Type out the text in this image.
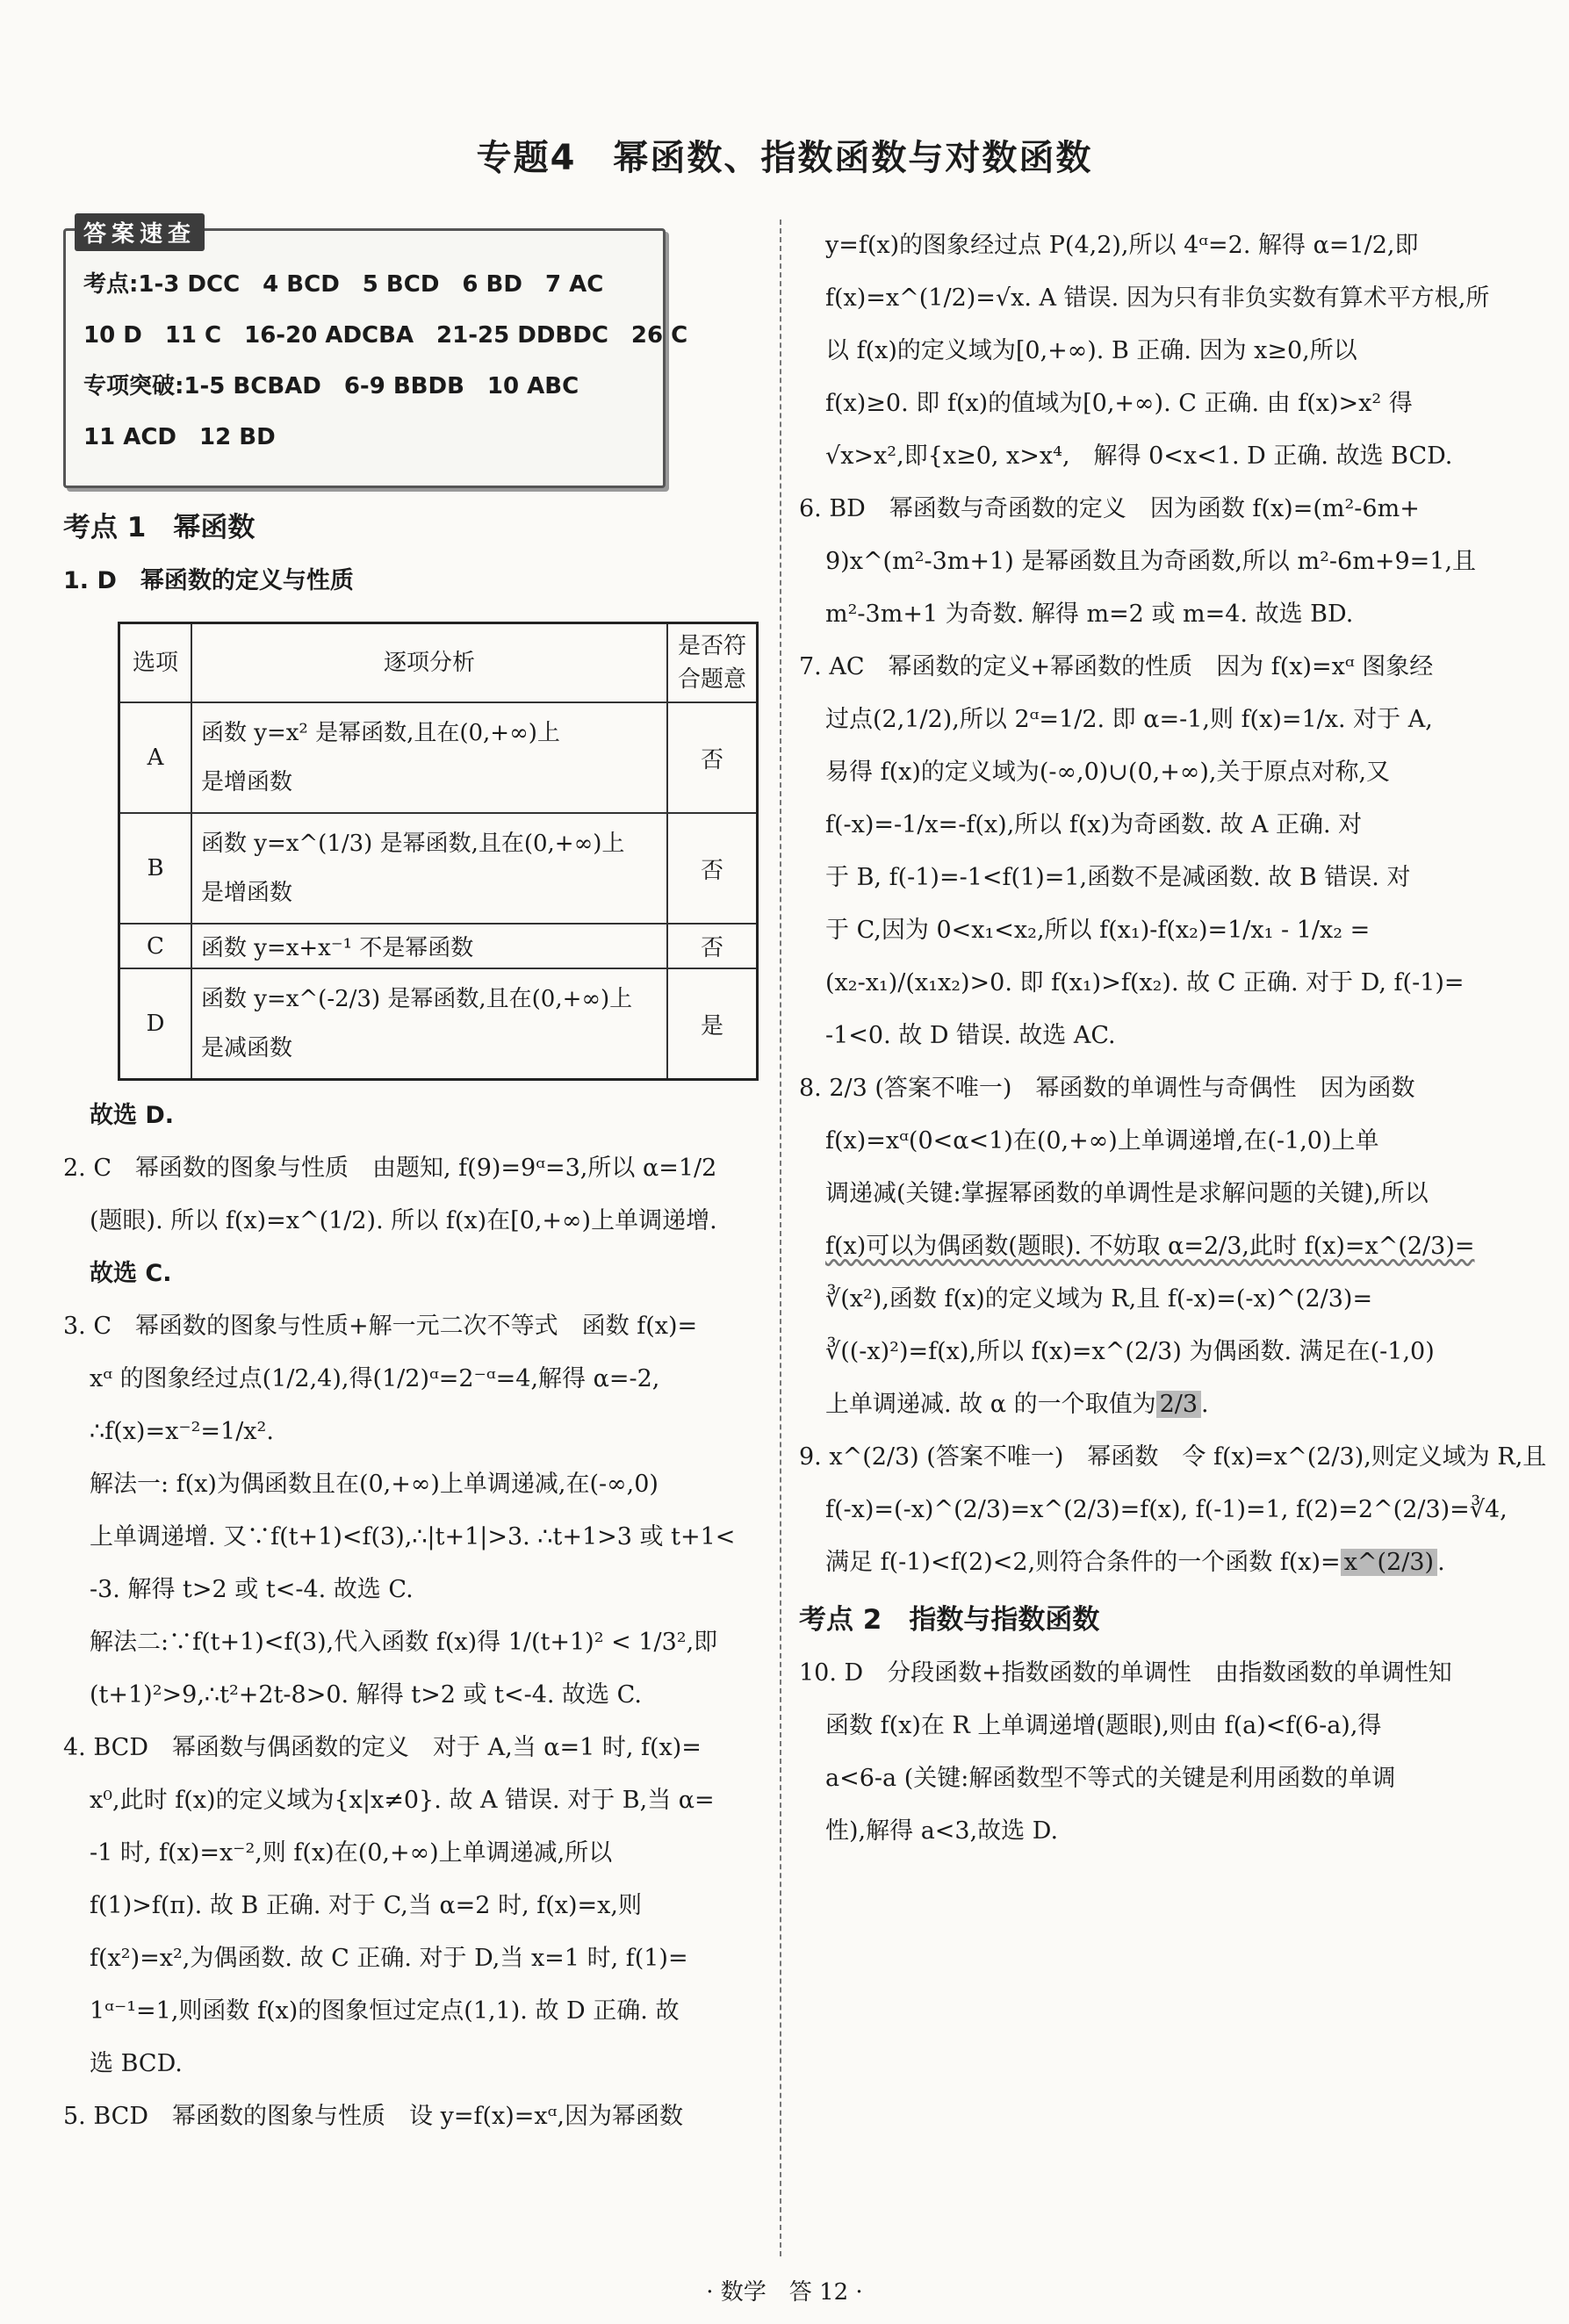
专题4　幂函数、指数函数与对数函数
答案速查
考点:1-3 DCC　4 BCD　5 BCD　6 BD　7 AC
10 D　11 C　16-20 ADCBA　21-25 DDBDC　26 C
专项突破:1-5 BCBAD　6-9 BBDB　10 ABC
11 ACD　12 BD
考点 1　幂函数

1. D　幂函数的定义与性质

选项	逐项分析	是否符合题意
A	函数 y=x² 是幂函数,且在(0,+∞)上
是增函数	否
B	函数 y=x^(1/3) 是幂函数,且在(0,+∞)上
是增函数	否
C	函数 y=x+x⁻¹ 不是幂函数	否
D	函数 y=x^(-2/3) 是幂函数,且在(0,+∞)上
是减函数	是

故选 D.

2. C　幂函数的图象与性质　由题知, f(9)=9ᵅ=3,所以 α=1/2

(题眼). 所以 f(x)=x^(1/2). 所以 f(x)在[0,+∞)上单调递增.

故选 C.

3. C　幂函数的图象与性质+解一元二次不等式　函数 f(x)=

xᵅ 的图象经过点(1/2,4),得(1/2)ᵅ=2⁻ᵅ=4,解得 α=-2,

∴f(x)=x⁻²=1/x².

解法一: f(x)为偶函数且在(0,+∞)上单调递减,在(-∞,0)

上单调递增. 又∵f(t+1)<f(3),∴|t+1|>3. ∴t+1>3 或 t+1<

-3. 解得 t>2 或 t<-4. 故选 C.

解法二:∵f(t+1)<f(3),代入函数 f(x)得 1/(t+1)² < 1/3²,即

(t+1)²>9,∴t²+2t-8>0. 解得 t>2 或 t<-4. 故选 C.

4. BCD　幂函数与偶函数的定义　对于 A,当 α=1 时, f(x)=

x⁰,此时 f(x)的定义域为{x|x≠0}. 故 A 错误. 对于 B,当 α=

-1 时, f(x)=x⁻²,则 f(x)在(0,+∞)上单调递减,所以

f(1)>f(π). 故 B 正确. 对于 C,当 α=2 时, f(x)=x,则

f(x²)=x²,为偶函数. 故 C 正确. 对于 D,当 x=1 时, f(1)=

1ᵅ⁻¹=1,则函数 f(x)的图象恒过定点(1,1). 故 D 正确. 故

选 BCD.

5. BCD　幂函数的图象与性质　设 y=f(x)=xᵅ,因为幂函数

y=f(x)的图象经过点 P(4,2),所以 4ᵅ=2. 解得 α=1/2,即

f(x)=x^(1/2)=√x. A 错误. 因为只有非负实数有算术平方根,所

以 f(x)的定义域为[0,+∞). B 正确. 因为 x≥0,所以

f(x)≥0. 即 f(x)的值域为[0,+∞). C 正确. 由 f(x)>x² 得

√x>x²,即{x≥0, x>x⁴,　解得 0<x<1. D 正确. 故选 BCD.

6. BD　幂函数与奇函数的定义　因为函数 f(x)=(m²-6m+

9)x^(m²-3m+1) 是幂函数且为奇函数,所以 m²-6m+9=1,且

m²-3m+1 为奇数. 解得 m=2 或 m=4. 故选 BD.

7. AC　幂函数的定义+幂函数的性质　因为 f(x)=xᵅ 图象经

过点(2,1/2),所以 2ᵅ=1/2. 即 α=-1,则 f(x)=1/x. 对于 A,

易得 f(x)的定义域为(-∞,0)∪(0,+∞),关于原点对称,又

f(-x)=-1/x=-f(x),所以 f(x)为奇函数. 故 A 正确. 对

于 B, f(-1)=-1<f(1)=1,函数不是减函数. 故 B 错误. 对

于 C,因为 0<x₁<x₂,所以 f(x₁)-f(x₂)=1/x₁ - 1/x₂ =

(x₂-x₁)/(x₁x₂)>0. 即 f(x₁)>f(x₂). 故 C 正确. 对于 D, f(-1)=

-1<0. 故 D 错误. 故选 AC.

8. 2/3 (答案不唯一)　幂函数的单调性与奇偶性　因为函数

f(x)=xᵅ(0<α<1)在(0,+∞)上单调递增,在(-1,0)上单

调递减(关键:掌握幂函数的单调性是求解问题的关键),所以

f(x)可以为偶函数(题眼). 不妨取 α=2/3,此时 f(x)=x^(2/3)=

∛(x²),函数 f(x)的定义域为 R,且 f(-x)=(-x)^(2/3)=

∛((-x)²)=f(x),所以 f(x)=x^(2/3) 为偶函数. 满足在(-1,0)

上单调递减. 故 α 的一个取值为 2/3 .

9. x^(2/3) (答案不唯一)　幂函数　令 f(x)=x^(2/3),则定义域为 R,且

f(-x)=(-x)^(2/3)=x^(2/3)=f(x), f(-1)=1, f(2)=2^(2/3)=∛4,

满足 f(-1)<f(2)<2,则符合条件的一个函数 f(x)= x^(2/3) .

考点 2　指数与指数函数

10. D　分段函数+指数函数的单调性　由指数函数的单调性知

函数 f(x)在 R 上单调递增(题眼),则由 f(a)<f(6-a),得

a<6-a (关键:解函数型不等式的关键是利用函数的单调

性),解得 a<3,故选 D.

· 数学　答 12 ·
